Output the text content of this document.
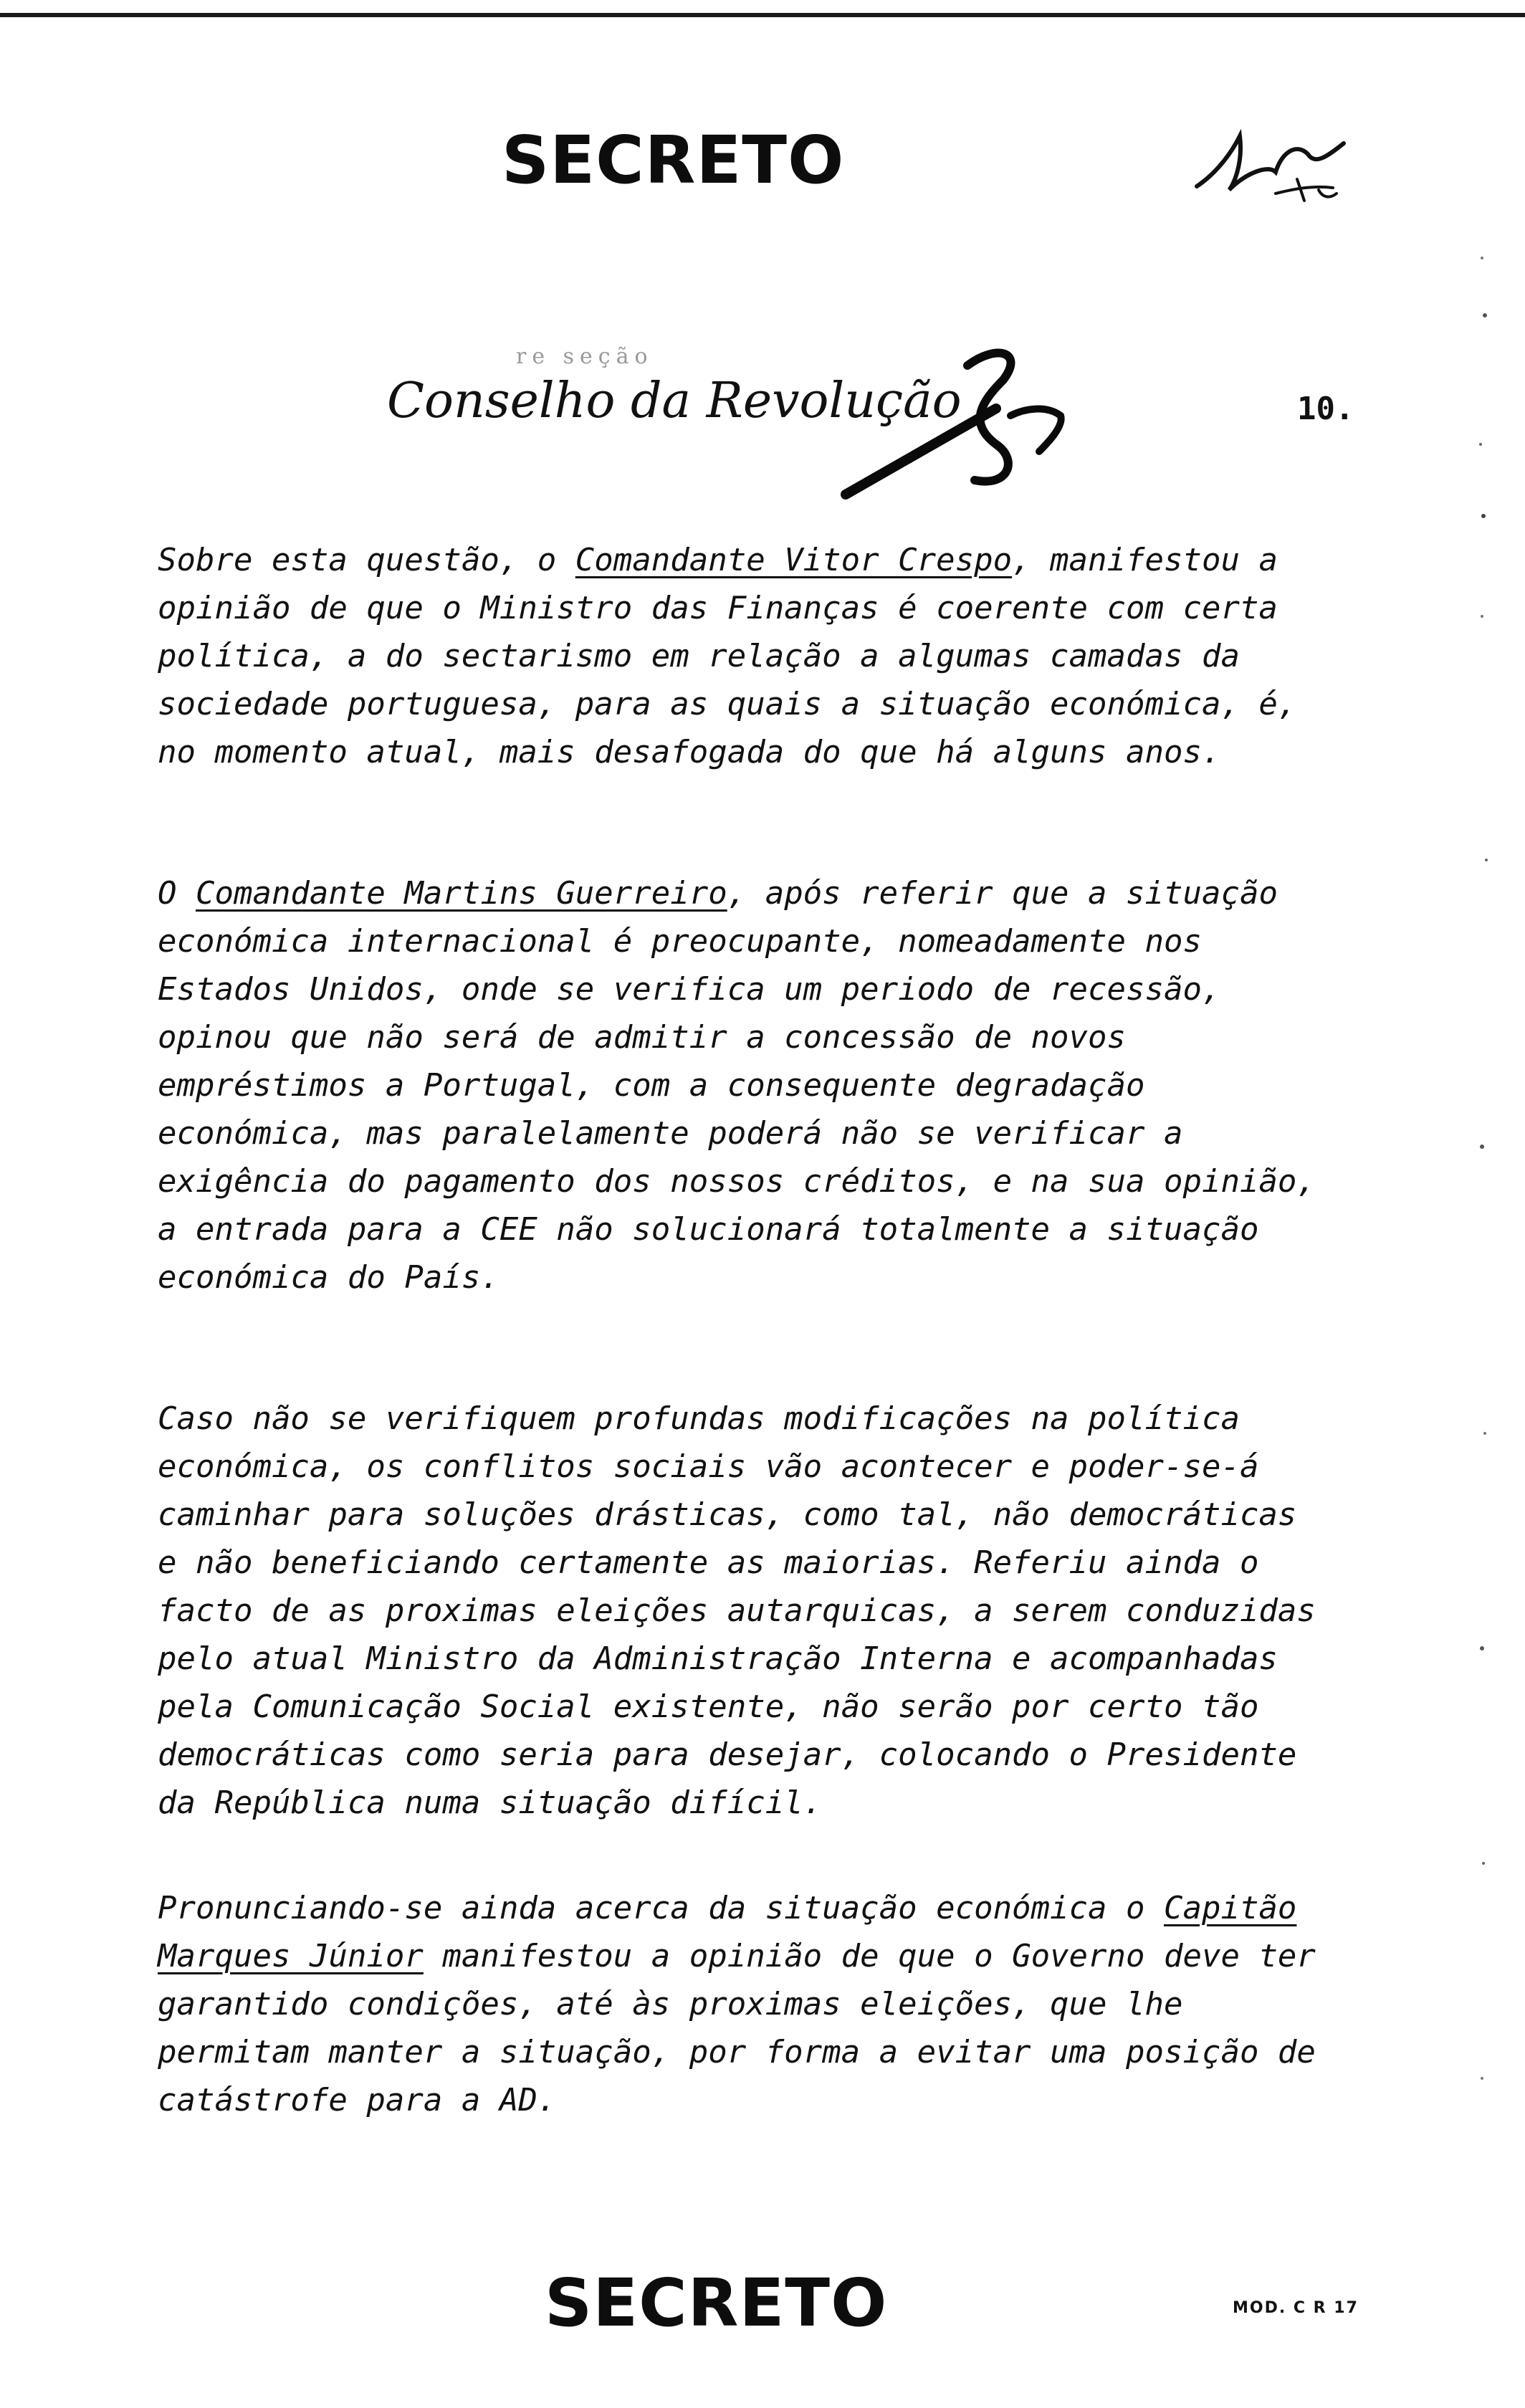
SECRETO
re seção
Conselho da Revolução	10.

Sobre esta questão, o Comandante Vitor Crespo, manifestou a opinião de que o Ministro das Finanças é coerente com certa política, a do sectarismo em relação a algumas camadas da sociedade portuguesa, para as quais a situação económica, é, no momento atual, mais desafogada do que há alguns anos.

O Comandante Martins Guerreiro, após referir que a situação económica internacional é preocupante, nomeadamente nos Estados Unidos, onde se verifica um periodo de recessão, opinou que não será de admitir a concessão de novos empréstimos a Portugal, com a consequente degradação económica, mas paralelamente poderá não se verificar a exigência do pagamento dos nossos créditos, e na sua opinião, a entrada para a CEE não solucionará totalmente a situação económica do País.

Caso não se verifiquem profundas modificações na política económica, os conflitos sociais vão acontecer e poder-se-á caminhar para soluções drásticas, como tal, não democráticas e não beneficiando certamente as maiorias. Referiu ainda o facto de as proximas eleições autarquicas, a serem conduzidas pelo atual Ministro da Administração Interna e acompanhadas pela Comunicação Social existente, não serão por certo tão democráticas como seria para desejar, colocando o Presidente da República numa situação difícil.

Pronunciando-se ainda acerca da situação económica o Capitão Marques Júnior manifestou a opinião de que o Governo deve ter garantido condições, até às proximas eleições, que lhe permitam manter a situação, por forma a evitar uma posição de catástrofe para a AD.

SECRETO	MOD. C R 17
